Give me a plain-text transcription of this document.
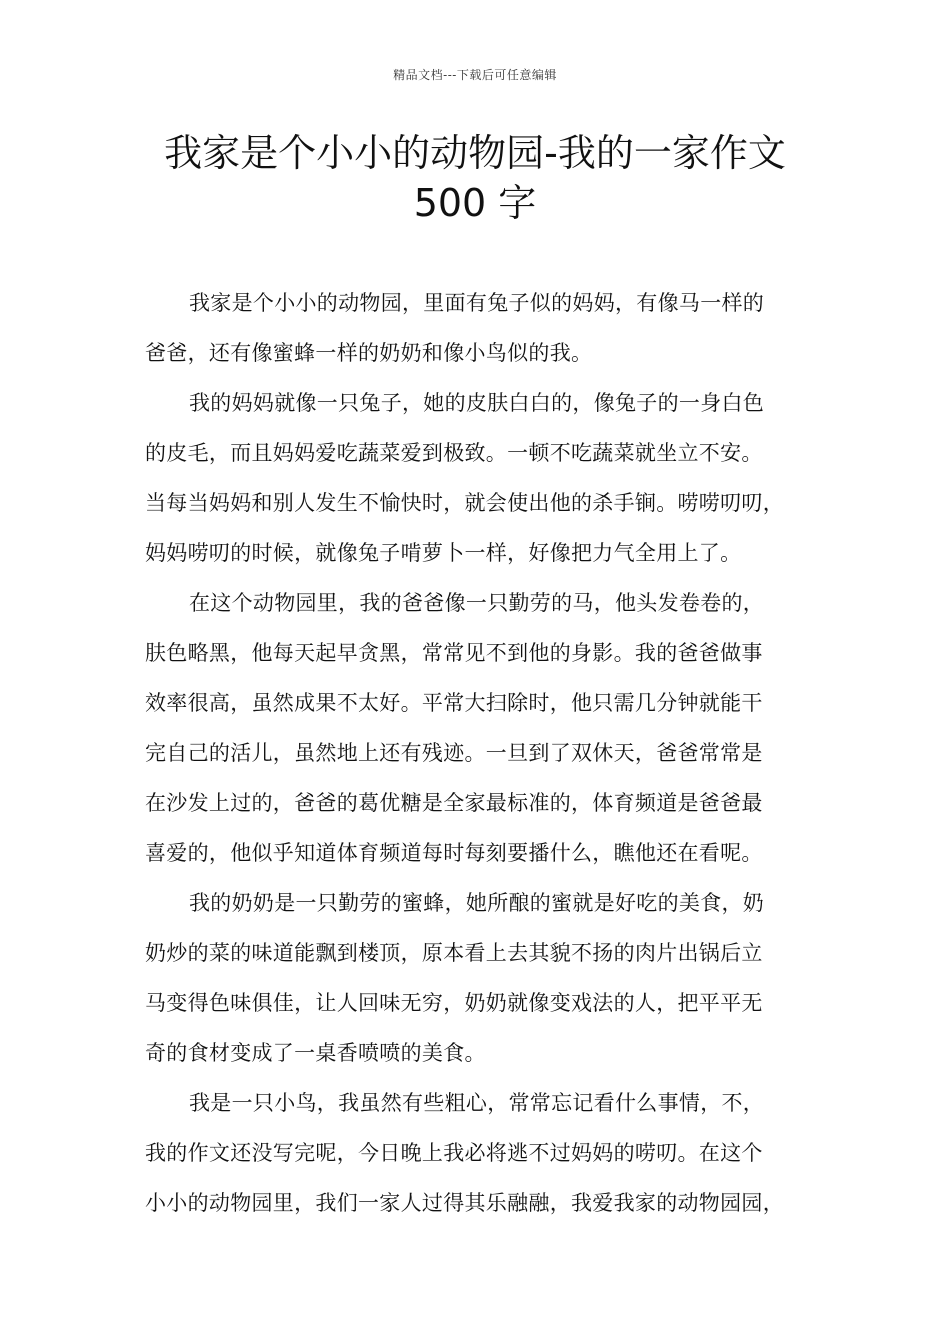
精品文档---下载后可任意编辑
我家是个小小的动物园-我的一家作文
500 字
我家是个小小的动物园，里面有兔子似的妈妈，有像马一样的
爸爸，还有像蜜蜂一样的奶奶和像小鸟似的我。
我的妈妈就像一只兔子，她的皮肤白白的，像兔子的一身白色
的皮毛，而且妈妈爱吃蔬菜爱到极致。一顿不吃蔬菜就坐立不安。
当每当妈妈和别人发生不愉快时，就会使出他的杀手锏。唠唠叨叨，
妈妈唠叨的时候，就像兔子啃萝卜一样，好像把力气全用上了。
在这个动物园里，我的爸爸像一只勤劳的马，他头发卷卷的，
肤色略黑，他每天起早贪黑，常常见不到他的身影。我的爸爸做事
效率很高，虽然成果不太好。平常大扫除时，他只需几分钟就能干
完自己的活儿，虽然地上还有残迹。一旦到了双休天，爸爸常常是
在沙发上过的，爸爸的葛优糖是全家最标准的，体育频道是爸爸最
喜爱的，他似乎知道体育频道每时每刻要播什么，瞧他还在看呢。
我的奶奶是一只勤劳的蜜蜂，她所酿的蜜就是好吃的美食，奶
奶炒的菜的味道能飘到楼顶，原本看上去其貌不扬的肉片出锅后立
马变得色味俱佳，让人回味无穷，奶奶就像变戏法的人，把平平无
奇的食材变成了一桌香喷喷的美食。
我是一只小鸟，我虽然有些粗心，常常忘记看什么事情，不，
我的作文还没写完呢，今日晚上我必将逃不过妈妈的唠叨。在这个
小小的动物园里，我们一家人过得其乐融融，我爱我家的动物园园，
